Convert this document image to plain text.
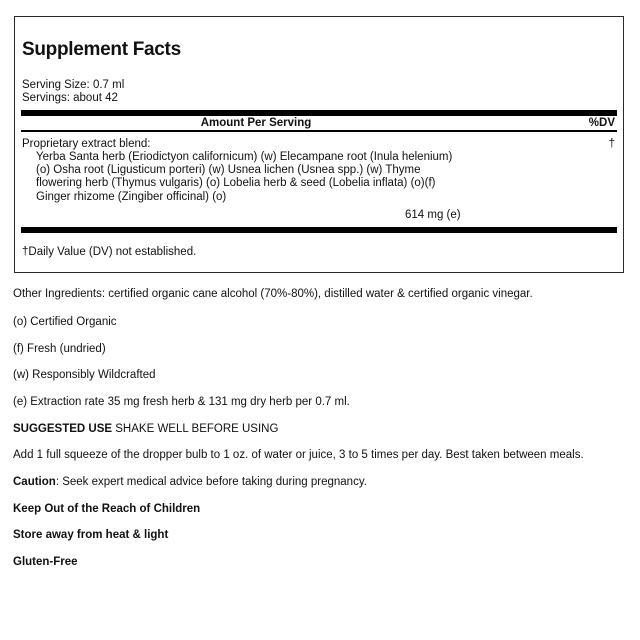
Supplement Facts
Serving Size: 0.7 ml
Servings: about 42
Amount Per Serving	%DV
Proprietary extract blend:	†
Yerba Santa herb (Eriodictyon californicum) (w) Elecampane root (Inula helenium)
(o) Osha root (Ligusticum porteri) (w) Usnea lichen (Usnea spp.) (w) Thyme
flowering herb (Thymus vulgaris) (o) Lobelia herb & seed (Lobelia inflata) (o)(f)
Ginger rhizome (Zingiber officinal) (o)
614 mg (e)
†Daily Value (DV) not established.
Other Ingredients: certified organic cane alcohol (70%-80%), distilled water & certified organic vinegar.
(o) Certified Organic
(f) Fresh (undried)
(w) Responsibly Wildcrafted
(e) Extraction rate 35 mg fresh herb & 131 mg dry herb per 0.7 ml.
SUGGESTED USE SHAKE WELL BEFORE USING
Add 1 full squeeze of the dropper bulb to 1 oz. of water or juice, 3 to 5 times per day. Best taken between meals.
Caution: Seek expert medical advice before taking during pregnancy.
Keep Out of the Reach of Children
Store away from heat & light
Gluten-Free
